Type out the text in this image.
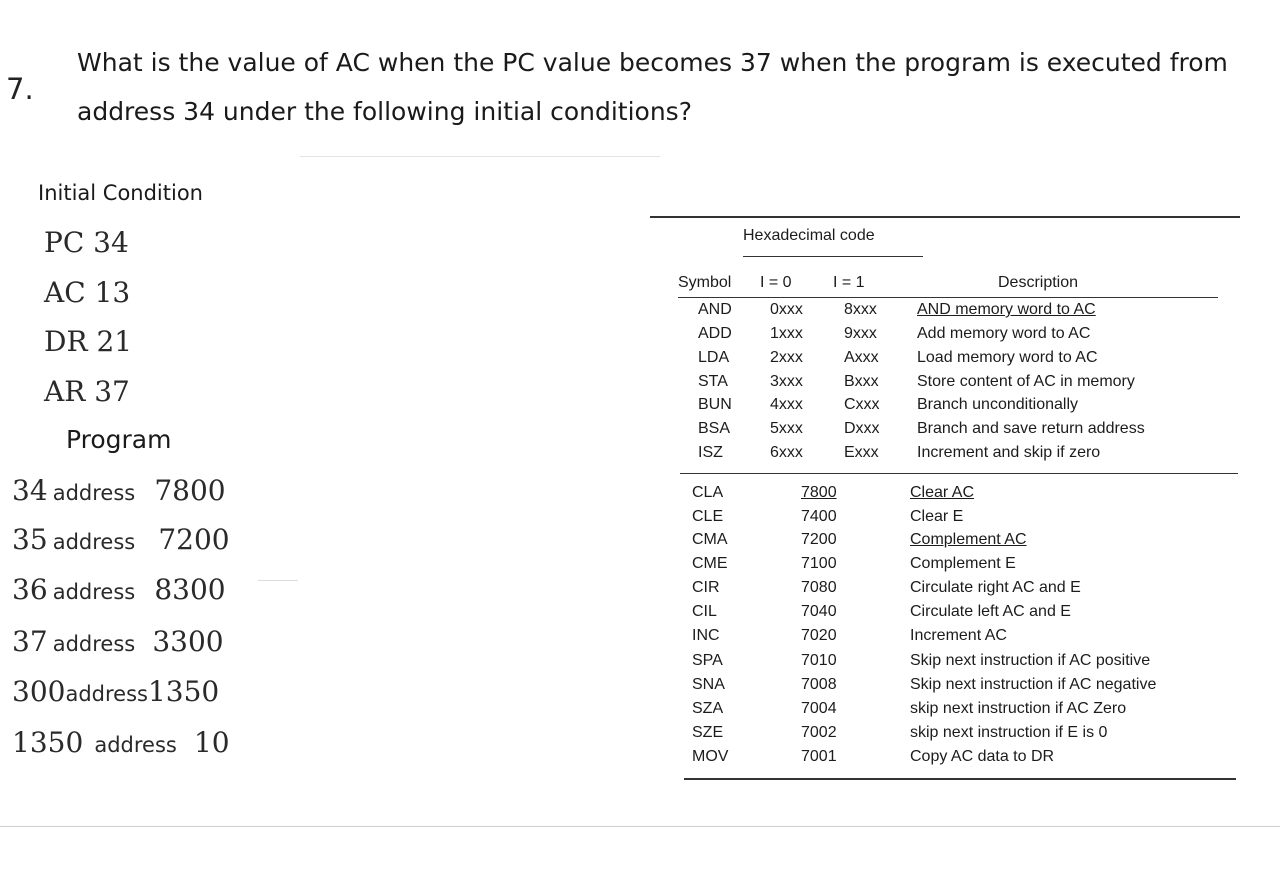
7.
What is the value of AC when the PC value becomes 37 when the program is executed from
address 34 under the following initial conditions?
Initial Condition
PC 34
AC 13
DR 21
AR 37
Program
34 address 7800
35 address 7200
36 address 8300
37 address 3300
300address1350
1350 address 10
Hexadecimal code
Symbol I = 0	I = 1	Description
AND 0xxx	8xxx	AND memory word to AC
ADD 1xxx	9xxx	Add memory word to AC
LDA	2xxx	Axxx Load memory word to AC
STA	3xxx	Bxxx Store content of AC in memory
BUN 4xxx	Cxxx Branch unconditionally
BSA 5xxx	Dxxx Branch and save return address
ISZ	6xxx	Exxx Increment and skip if zero
CLA	7800	Clear AC
CLE	7400	Clear E
CMA	7200	Complement AC
CME	7100	Complement E
CIR	7080	Circulate right AC and E
CIL	7040	Circulate left AC and E
INC	7020	Increment AC
SPA	7010	Skip next instruction if AC positive
SNA	7008	Skip next instruction if AC negative
SZA	7004	skip next instruction if AC Zero
SZE	7002	skip next instruction if E is 0
MOV	7001	Copy AC data to DR
